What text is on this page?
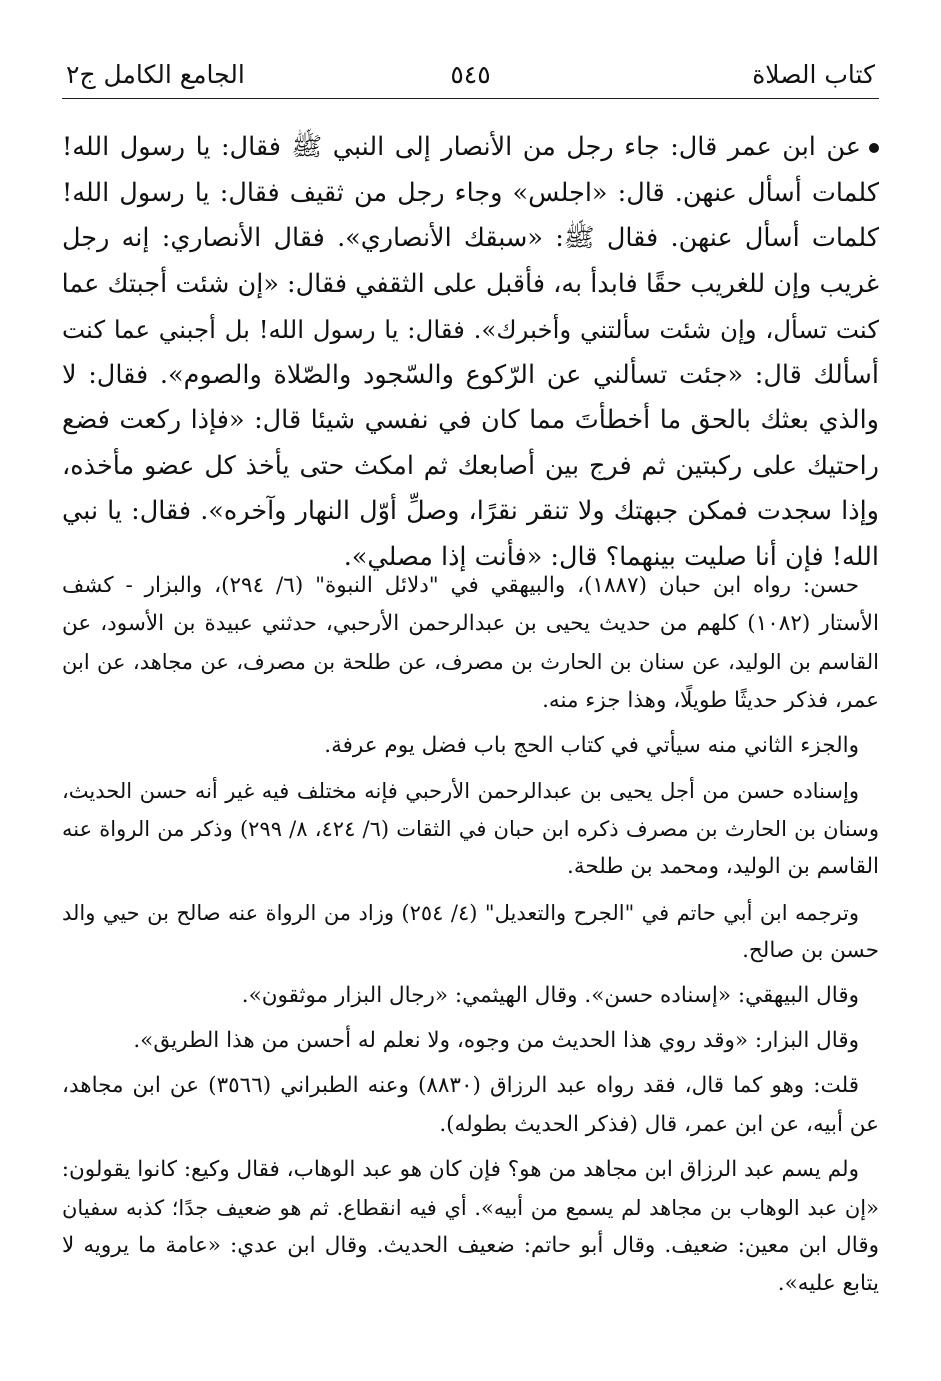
كتاب الصلاة
٥٤٥
الجامع الكامل ج٢
عن ابن عمر قال: جاء رجل من الأنصار إلى النبي ﷺ فقال: يا رسول الله!
كلمات أسأل عنهن. قال: «اجلس» وجاء رجل من ثقيف فقال: يا رسول الله!
كلمات أسأل عنهن. فقال ﷺ: «سبقك الأنصاري». فقال الأنصاري: إنه رجل
غريب وإن للغريب حقًا فابدأ به، فأقبل على الثقفي فقال: «إن شئت أجبتك عما
كنت تسأل، وإن شئت سألتني وأخبرك». فقال: يا رسول الله! بل أجبني عما كنت
أسألك قال: «جئت تسألني عن الرّكوع والسّجود والصّلاة والصوم». فقال: لا
والذي بعثك بالحق ما أخطأتَ مما كان في نفسي شيئا قال: «فإذا ركعت فضع
راحتيك على ركبتين ثم فرج بين أصابعك ثم امكث حتى يأخذ كل عضو مأخذه،
وإذا سجدت فمكن جبهتك ولا تنقر نقرًا، وصلِّ أوّل النهار وآخره». فقال: يا نبي
الله! فإن أنا صليت بينهما؟ قال: «فأنت إذا مصلي».
حسن: رواه ابن حبان (١٨٨٧)، والبيهقي في "دلائل النبوة" (٦/ ٢٩٤)، والبزار - كشف
الأستار (١٠٨٢) كلهم من حديث يحيى بن عبدالرحمن الأرحبي، حدثني عبيدة بن الأسود، عن
القاسم بن الوليد، عن سنان بن الحارث بن مصرف، عن طلحة بن مصرف، عن مجاهد، عن ابن
عمر، فذكر حديثًا طويلًا، وهذا جزء منه.
والجزء الثاني منه سيأتي في كتاب الحج باب فضل يوم عرفة.
وإسناده حسن من أجل يحيى بن عبدالرحمن الأرحبي فإنه مختلف فيه غير أنه حسن الحديث،
وسنان بن الحارث بن مصرف ذكره ابن حبان في الثقات (٦/ ٤٢٤، ٨/ ٢٩٩) وذكر من الرواة عنه
القاسم بن الوليد، ومحمد بن طلحة.
وترجمه ابن أبي حاتم في "الجرح والتعديل" (٤/ ٢٥٤) وزاد من الرواة عنه صالح بن حيي والد
حسن بن صالح.
وقال البيهقي: «إسناده حسن». وقال الهيثمي: «رجال البزار موثقون».
وقال البزار: «وقد روي هذا الحديث من وجوه، ولا نعلم له أحسن من هذا الطريق».
قلت: وهو كما قال، فقد رواه عبد الرزاق (٨٨٣٠) وعنه الطبراني (٣٥٦٦) عن ابن مجاهد،
عن أبيه، عن ابن عمر، قال (فذكر الحديث بطوله).
ولم يسم عبد الرزاق ابن مجاهد من هو؟ فإن كان هو عبد الوهاب، فقال وكيع: كانوا يقولون:
«إن عبد الوهاب بن مجاهد لم يسمع من أبيه». أي فيه انقطاع. ثم هو ضعيف جدًا؛ كذبه سفيان
وقال ابن معين: ضعيف. وقال أبو حاتم: ضعيف الحديث. وقال ابن عدي: «عامة ما يرويه لا
يتابع عليه».
